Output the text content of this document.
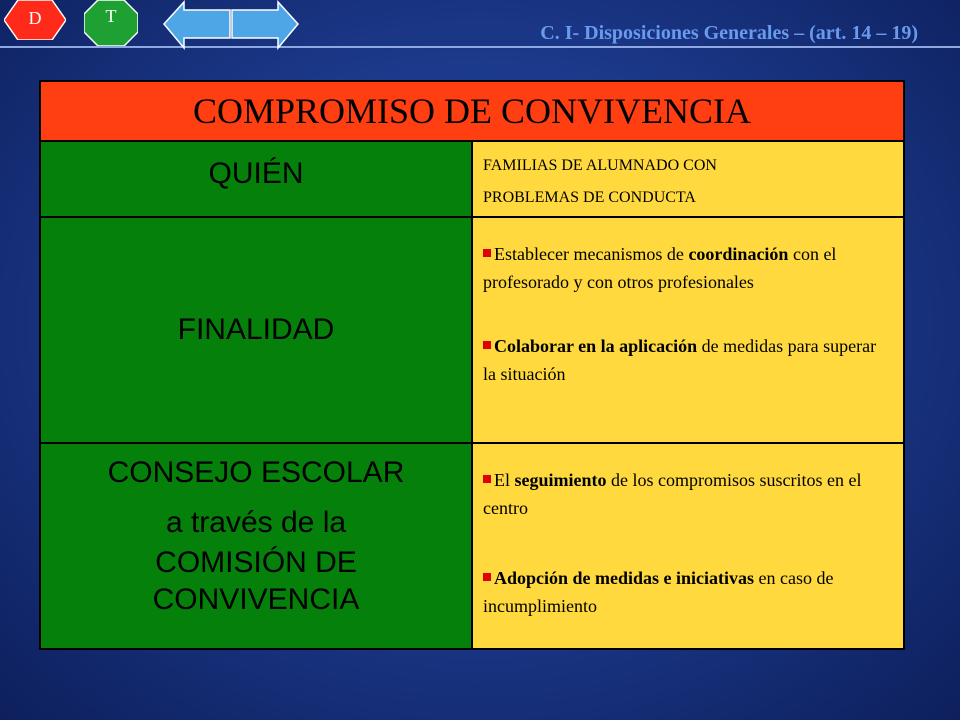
D	T
C. I- Disposiciones Generales – (art. 14 – 19)
COMPROMISO DE CONVIVENCIA
QUIÉN	FAMILIAS DE ALUMNADO CON
PROBLEMAS DE CONDUCTA
FINALIDAD

Establecer mecanismos de coordinación con el profesorado y con otros profesionales

Colaborar en la aplicación de medidas para superar la situación

CONSEJO ESCOLAR
a través de la
COMISIÓN DE
CONVIVENCIA

El seguimiento de los compromisos suscritos en el centro

Adopción de medidas e iniciativas en caso de incumplimiento
